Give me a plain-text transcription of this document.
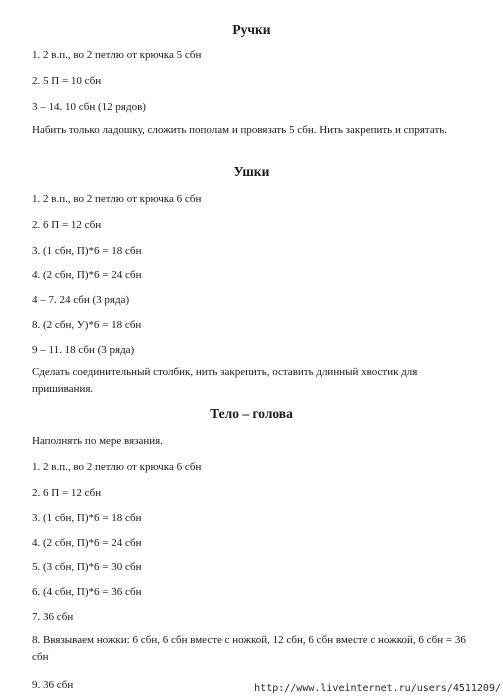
Ручки
1. 2 в.п., во 2 петлю от крючка 5 сбн
2. 5 П = 10 сбн
3 – 14. 10 сбн (12 рядов)
Набить только ладошку, сложить пополам и провязать 5 сбн. Нить закрепить и спрятать.
Ушки
1. 2 в.п., во 2 петлю от крючка 6 сбн
2. 6 П = 12 сбн
3. (1 сбн, П)*6 = 18 сбн
4. (2 сбн, П)*6 = 24 сбн
4 – 7. 24 сбн (3 ряда)
8. (2 сбн, У)*6 = 18 сбн
9 – 11. 18 сбн (3 ряда)
Сделать соединительный столбик, нить закрепить, оставить длинный хвостик для пришивания.
Тело – голова
Наполнять по мере вязания.
1. 2 в.п., во 2 петлю от крючка 6 сбн
2. 6 П = 12 сбн
3. (1 сбн, П)*6 = 18 сбн
4. (2 сбн, П)*6 = 24 сбн
5. (3 сбн, П)*6 = 30 сбн
6. (4 сбн, П)*6 = 36 сбн
7. 36 сбн
8. Ввязываем ножки: 6 сбн, 6 сбн вместе с ножкой, 12 сбн, 6 сбн вместе с ножкой, 6 сбн = 36 сбн
9. 36 сбн	http://www.liveinternet.ru/users/4511209/
